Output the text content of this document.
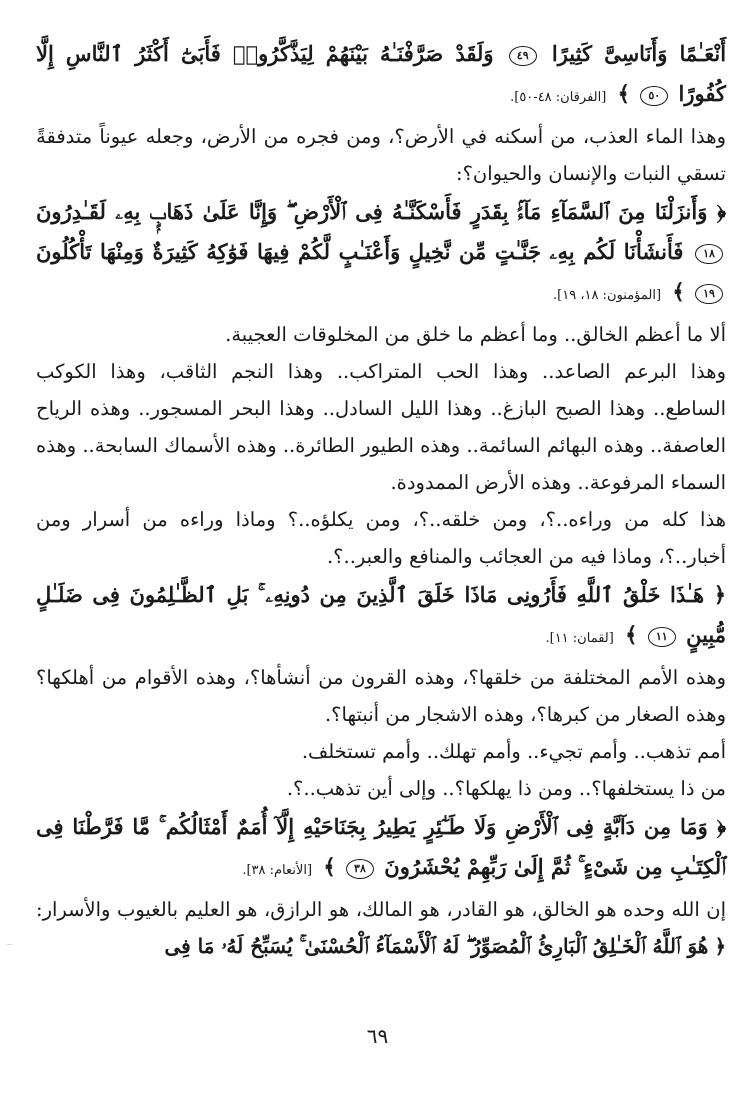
أَنْعَـٰمًا وَأَنَاسِىَّ كَثِيرًا ٤٩ وَلَقَدْ صَرَّفْنَـٰهُ بَيْنَهُمْ لِيَذَّكَّرُوا۟ فَأَبَىٰٓ أَكْثَرُ ٱلنَّاسِ إِلَّا كُفُورًا ٥٠ ﴾ [الفرقان: ٤٨-٥٠].

وهذا الماء العذب، من أسكنه في الأرض؟، ومن فجره من الأرض، وجعله عيوناً متدفقةً تسقي النبات والإنسان والحيوان؟:

﴿ وَأَنزَلْنَا مِنَ ٱلسَّمَآءِ مَآءًۢ بِقَدَرٍ فَأَسْكَنَّـٰهُ فِى ٱلْأَرْضِ ۖ وَإِنَّا عَلَىٰ ذَهَابٍۭ بِهِۦ لَقَـٰدِرُونَ ١٨ فَأَنشَأْنَا لَكُم بِهِۦ جَنَّـٰتٍ مِّن نَّخِيلٍ وَأَعْنَـٰبٍ لَّكُمْ فِيهَا فَوَٰكِهُ كَثِيرَةٌ وَمِنْهَا تَأْكُلُونَ ١٩ ﴾ [المؤمنون: ١٨، ١٩].

ألا ما أعظم الخالق.. وما أعظم ما خلق من المخلوقات العجيبة.

وهذا البرعم الصاعد.. وهذا الحب المتراكب.. وهذا النجم الثاقب، وهذا الكوكب الساطع.. وهذا الصبح البازغ.. وهذا الليل السادل.. وهذا البحر المسجور.. وهذه الرياح العاصفة.. وهذه البهائم السائمة.. وهذه الطيور الطائرة.. وهذه الأسماك السابحة.. وهذه السماء المرفوعة.. وهذه الأرض الممدودة.

هذا كله من وراءه..؟، ومن خلقه..؟، ومن يكلؤه..؟ وماذا وراءه من أسرار ومن أخبار..؟، وماذا فيه من العجائب والمنافع والعبر..؟.

﴿ هَـٰذَا خَلْقُ ٱللَّهِ فَأَرُونِى مَاذَا خَلَقَ ٱلَّذِينَ مِن دُونِهِۦ ۚ بَلِ ٱلظَّـٰلِمُونَ فِى ضَلَـٰلٍ مُّبِينٍ ١١ ﴾ [لقمان: ١١].

وهذه الأمم المختلفة من خلقها؟، وهذه القرون من أنشأها؟، وهذه الأقوام من أهلكها؟وهذه الصغار من كبرها؟، وهذه الاشجار من أنبتها؟.

أمم تذهب.. وأمم تجيء.. وأمم تهلك.. وأمم تستخلف.

من ذا يستخلفها؟.. ومن ذا يهلكها؟.. وإلى أين تذهب..؟.

﴿ وَمَا مِن دَآبَّةٍ فِى ٱلْأَرْضِ وَلَا طَـٰٓئِرٍ يَطِيرُ بِجَنَاحَيْهِ إِلَّآ أُمَمٌ أَمْثَالُكُم ۚ مَّا فَرَّطْنَا فِى ٱلْكِتَـٰبِ مِن شَىْءٍ ۚ ثُمَّ إِلَىٰ رَبِّهِمْ يُحْشَرُونَ ٣٨ ﴾ [الأنعام: ٣٨].

إن الله وحده هو الخالق، هو القادر، هو المالك، هو الرازق، هو العليم بالغيوب والأسرار: ﴿ هُوَ ٱللَّهُ ٱلْخَـٰلِقُ ٱلْبَارِئُ ٱلْمُصَوِّرُ ۖ لَهُ ٱلْأَسْمَآءُ ٱلْحُسْنَىٰ ۚ يُسَبِّحُ لَهُۥ مَا فِى

⌒
٦٩
